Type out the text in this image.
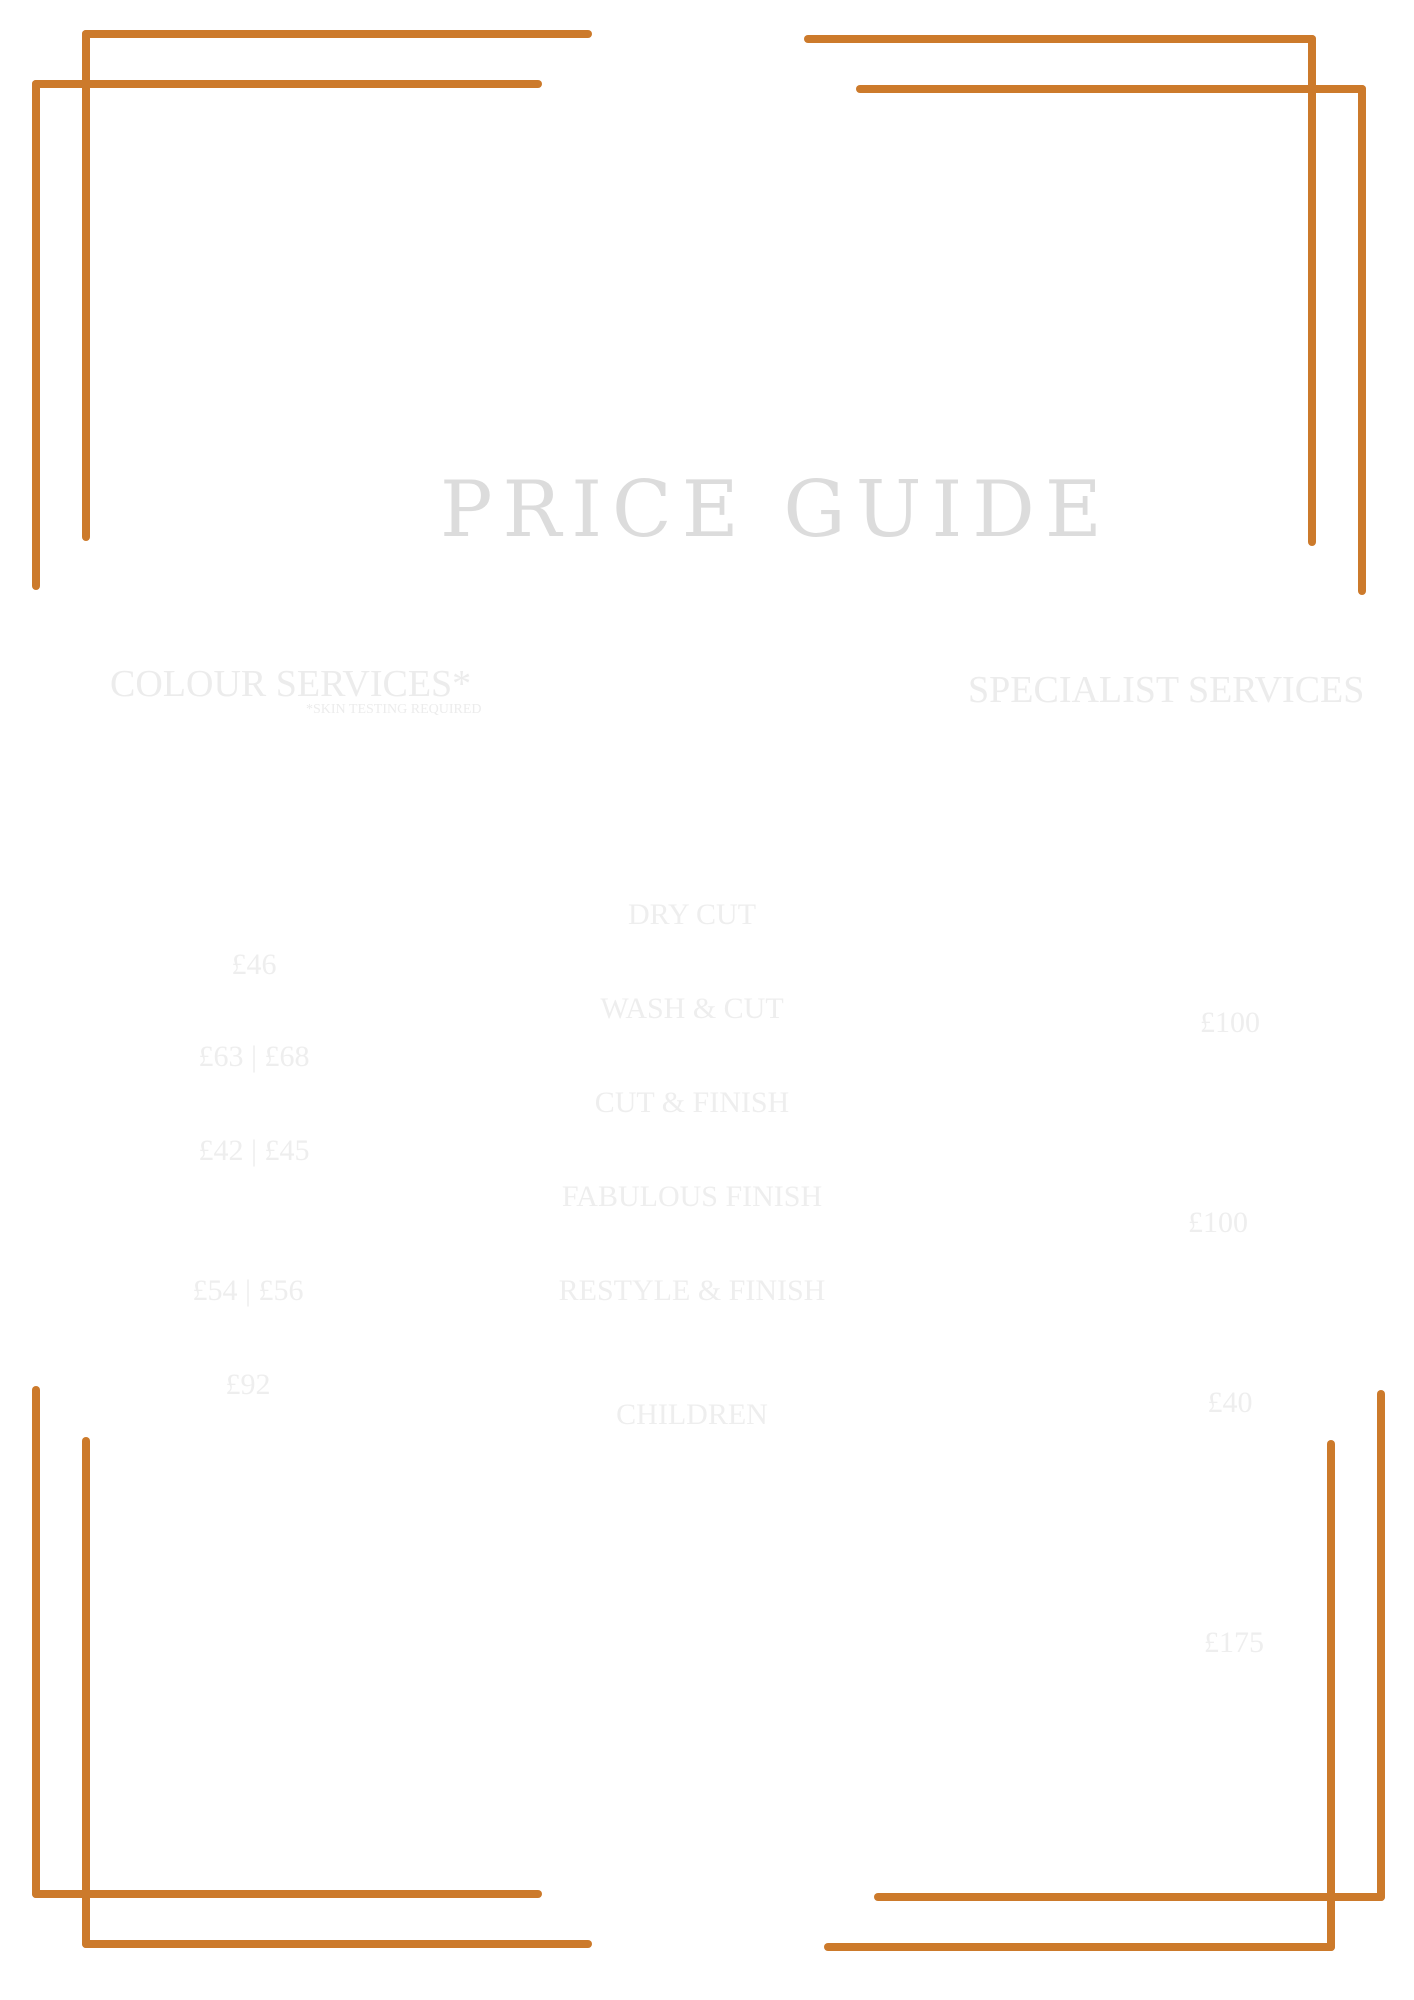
PRICE GUIDE
COLOUR SERVICES*
*SKIN TESTING REQUIRED
£46
£63 | £68
£42 | £45
£54 | £56
£92
DRY CUT
WASH & CUT
CUT & FINISH
FABULOUS FINISH
RESTYLE & FINISH
CHILDREN
SPECIALIST SERVICES
£100
£100
£40
£175
